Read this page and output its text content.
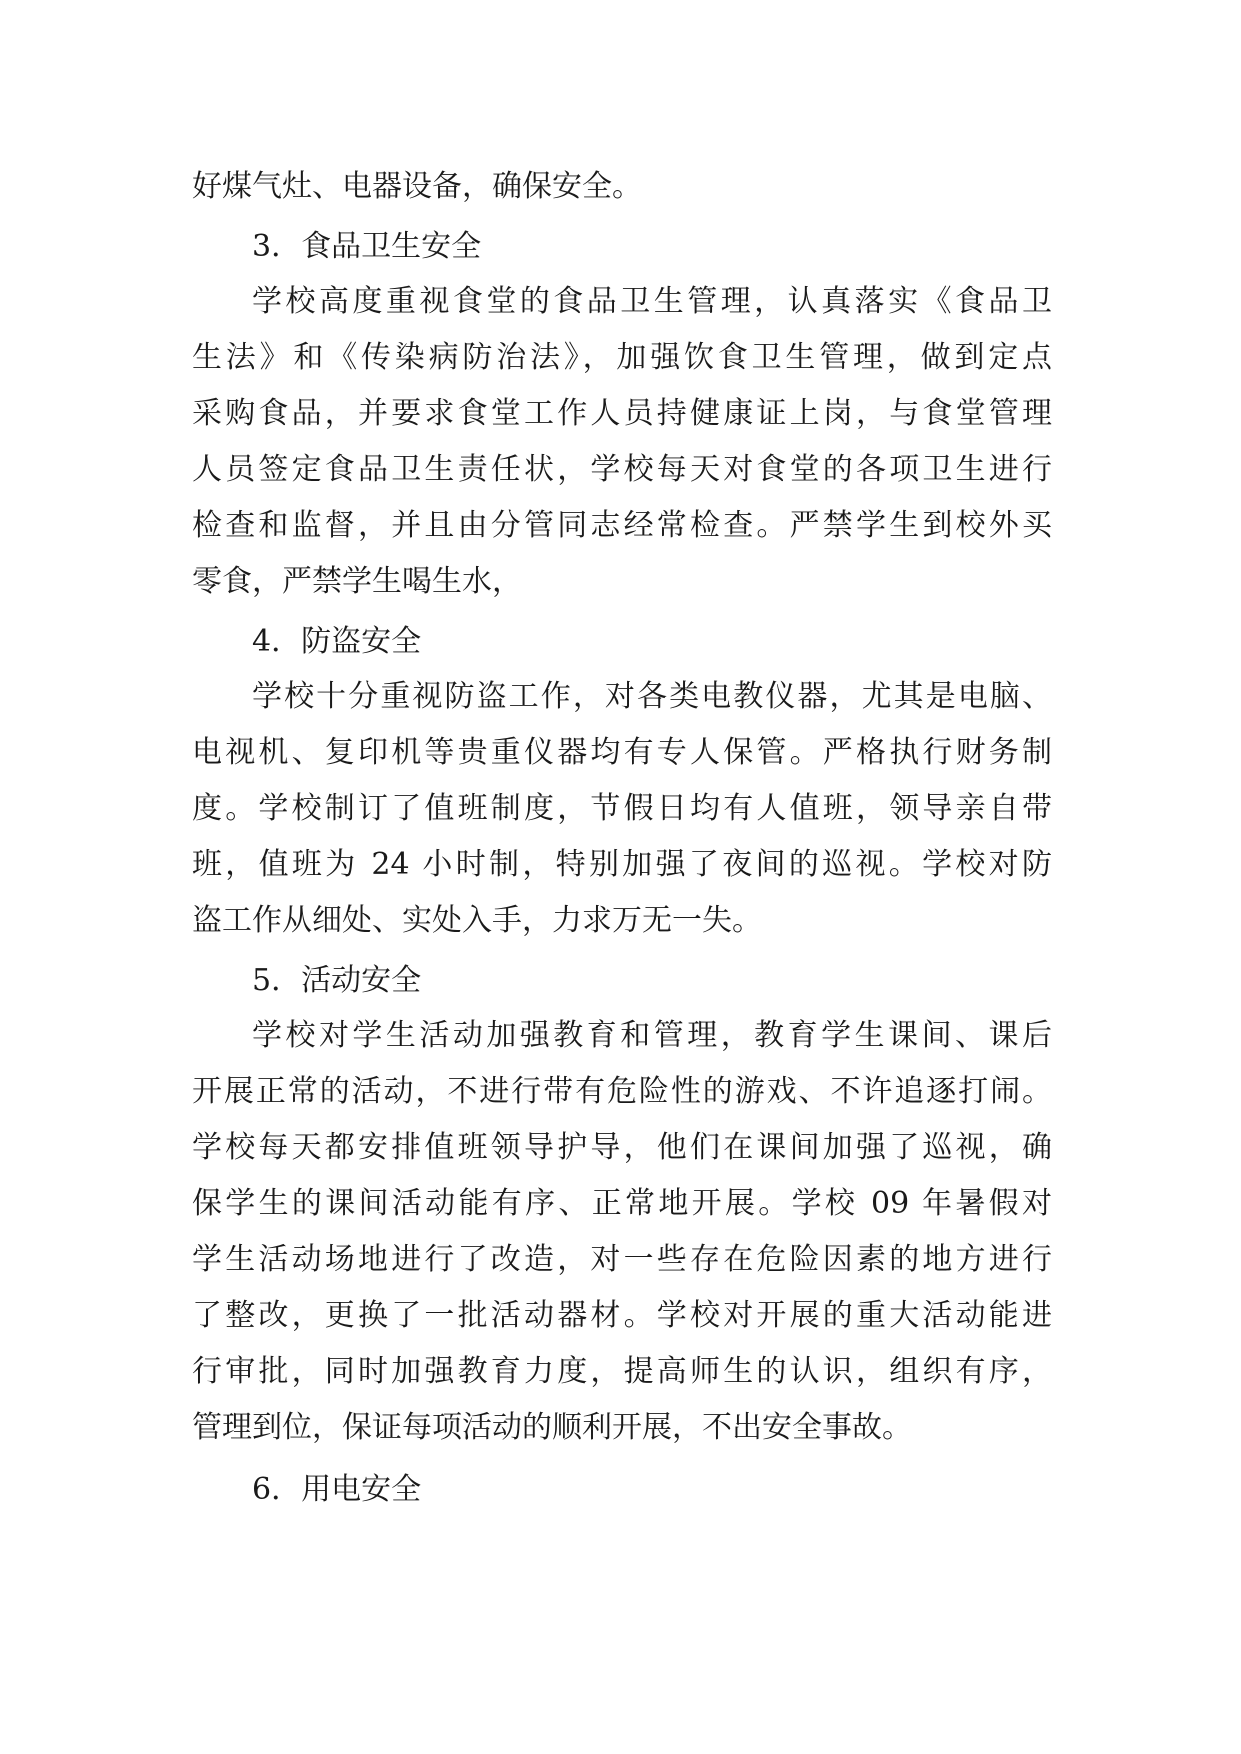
好煤气灶、电器设备，确保安全。
3．食品卫生安全
学校高度重视食堂的食品卫生管理，认真落实《食品卫
生法》和《传染病防治法》，加强饮食卫生管理，做到定点
采购食品，并要求食堂工作人员持健康证上岗，与食堂管理
人员签定食品卫生责任状，学校每天对食堂的各项卫生进行
检查和监督，并且由分管同志经常检查。严禁学生到校外买
零食，严禁学生喝生水，
4．防盗安全
学校十分重视防盗工作，对各类电教仪器，尤其是电脑、
电视机、复印机等贵重仪器均有专人保管。严格执行财务制
度。学校制订了值班制度，节假日均有人值班，领导亲自带
班，值班为 24 小时制，特别加强了夜间的巡视。学校对防
盗工作从细处、实处入手，力求万无一失。
5．活动安全
学校对学生活动加强教育和管理，教育学生课间、课后
开展正常的活动，不进行带有危险性的游戏、不许追逐打闹。
学校每天都安排值班领导护导，他们在课间加强了巡视，确
保学生的课间活动能有序、正常地开展。学校 09 年暑假对
学生活动场地进行了改造，对一些存在危险因素的地方进行
了整改，更换了一批活动器材。学校对开展的重大活动能进
行审批，同时加强教育力度，提高师生的认识，组织有序，
管理到位，保证每项活动的顺利开展，不出安全事故。
6．用电安全
